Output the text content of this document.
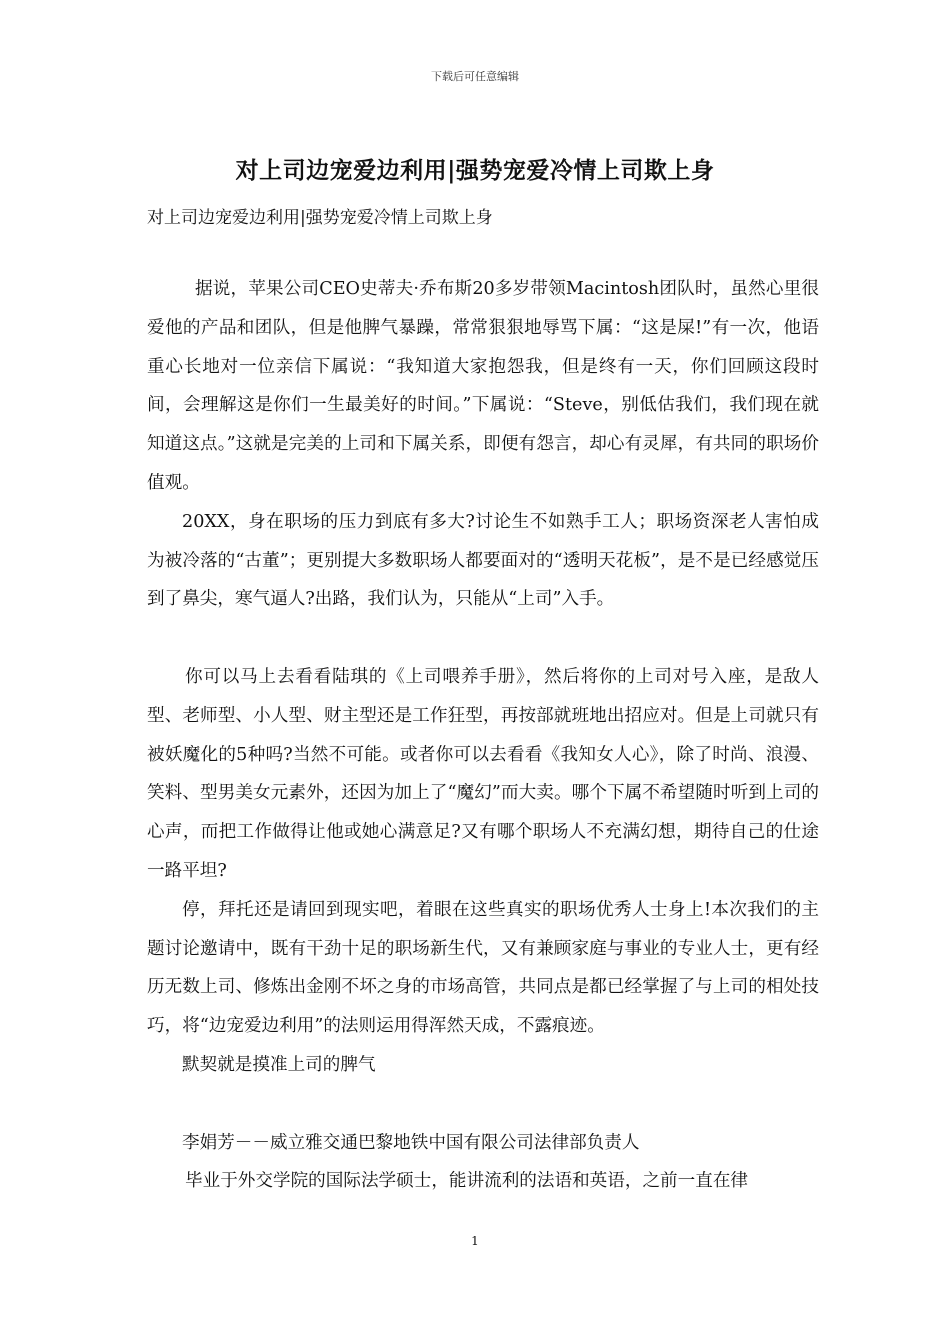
下载后可任意编辑
对上司边宠爱边利用|强势宠爱冷情上司欺上身
对上司边宠爱边利用|强势宠爱冷情上司欺上身

据说，苹果公司CEO史蒂夫·乔布斯20多岁带领Macintosh团队时，虽然心里很爱他的产品和团队，但是他脾气暴躁，常常狠狠地辱骂下属：“这是屎!”有一次，他语重心长地对一位亲信下属说：“我知道大家抱怨我，但是终有一天，你们回顾这段时间，会理解这是你们一生最美好的时间。”下属说：“Steve，别低估我们，我们现在就知道这点。”这就是完美的上司和下属关系，即便有怨言，却心有灵犀，有共同的职场价值观。

20XX，身在职场的压力到底有多大?讨论生不如熟手工人；职场资深老人害怕成为被冷落的“古董”；更别提大多数职场人都要面对的“透明天花板”，是不是已经感觉压到了鼻尖，寒气逼人?出路，我们认为，只能从“上司”入手。

你可以马上去看看陆琪的《上司喂养手册》，然后将你的上司对号入座，是敌人型、老师型、小人型、财主型还是工作狂型，再按部就班地出招应对。但是上司就只有被妖魔化的5种吗?当然不可能。或者你可以去看看《我知女人心》，除了时尚、浪漫、笑料、型男美女元素外，还因为加上了“魔幻”而大卖。哪个下属不希望随时听到上司的心声，而把工作做得让他或她心满意足?又有哪个职场人不充满幻想，期待自己的仕途一路平坦?

停，拜托还是请回到现实吧，着眼在这些真实的职场优秀人士身上!本次我们的主题讨论邀请中，既有干劲十足的职场新生代，又有兼顾家庭与事业的专业人士，更有经历无数上司、修炼出金刚不坏之身的市场高管，共同点是都已经掌握了与上司的相处技巧，将“边宠爱边利用”的法则运用得浑然天成，不露痕迹。

默契就是摸准上司的脾气

李娟芳－－威立雅交通巴黎地铁中国有限公司法律部负责人

毕业于外交学院的国际法学硕士，能讲流利的法语和英语，之前一直在律

1
